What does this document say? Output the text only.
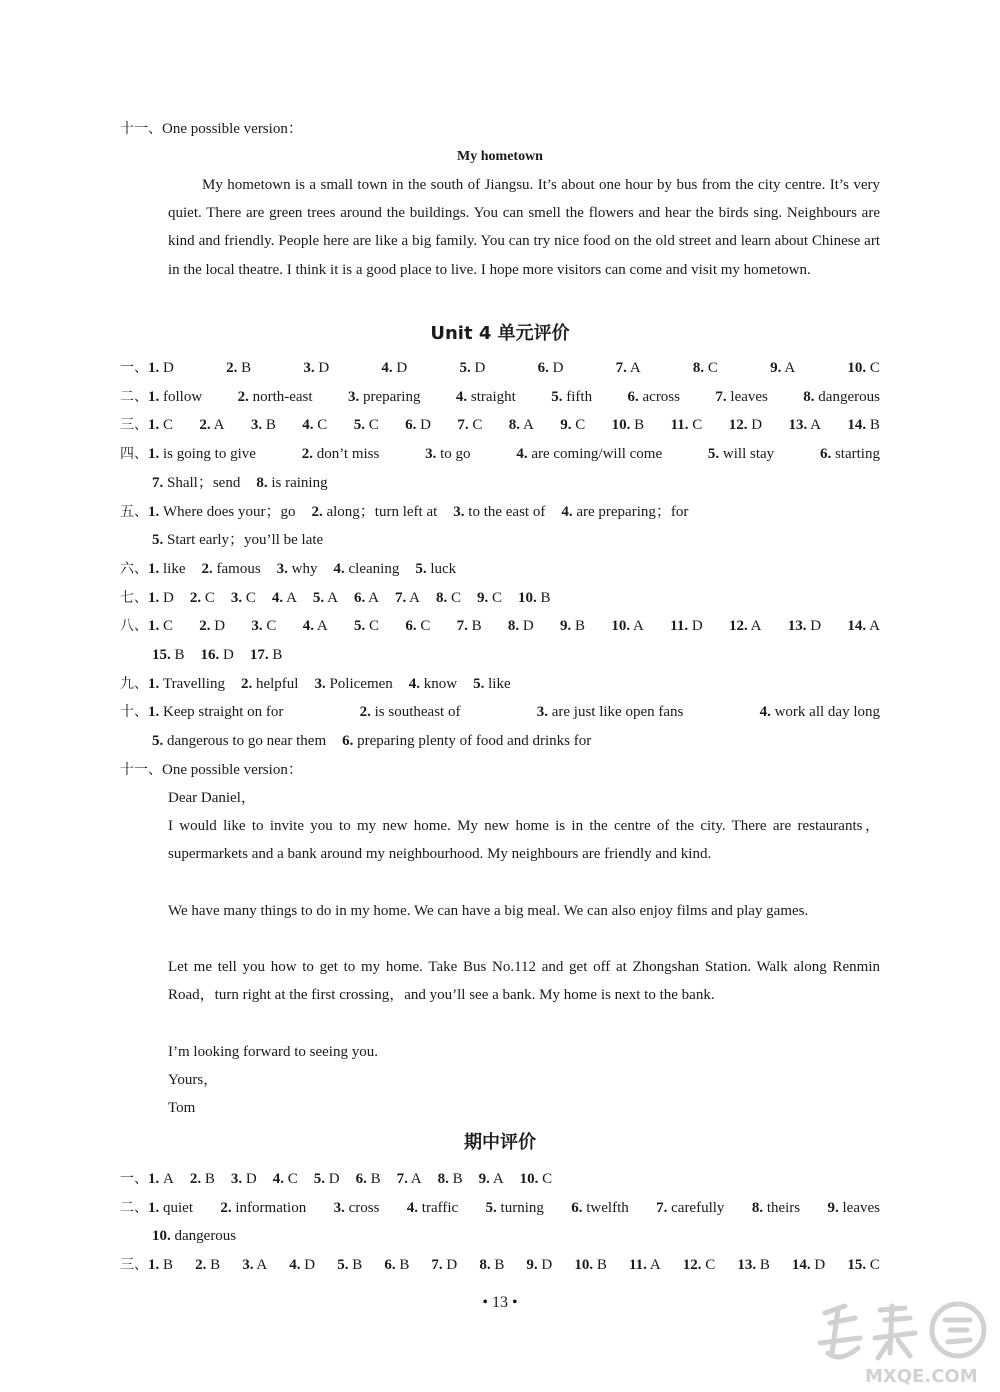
十一、One possible version：
My hometown
My hometown is a small town in the south of Jiangsu. It’s about one hour by bus from the city centre. It’s very quiet. There are green trees around the buildings. You can smell the flowers and hear the birds sing. Neighbours are kind and friendly. People here are like a big family. You can try nice food on the old street and learn about Chinese art in the local theatre. I think it is a good place to live. I hope more visitors can come and visit my hometown.
Unit 4 单元评价
一、1. D	2. B	3. D	4. D	5. D	6. D	7. A	8. C	9. A	10. C
二、1. follow 2. north-east 3. preparing 4. straight 5. fifth 6. across 7. leaves 8. dangerous
三、1. C 2. A 3. B 4. C 5. C 6. D 7. C 8. A 9. C 10. B 11. C 12. D 13. A 14. B
四、1. is going to give	2. don’t miss	3. to go	4. are coming/will come	5. will stay	6. starting
7. Shall；send 8. is raining
五、1. Where does your；go 2. along；turn left at 3. to the east of 4. are preparing；for
5. Start early；you’ll be late
六、1. like 2. famous 3. why 4. cleaning 5. luck
七、1. D 2. C 3. C 4. A 5. A 6. A 7. A 8. C 9. C 10. B
八、1. C 2. D 3. C 4. A 5. C 6. C 7. B 8. D 9. B 10. A 11. D 12. A 13. D 14. A
15. B 16. D 17. B
九、1. Travelling 2. helpful 3. Policemen 4. know 5. like
十、1. Keep straight on for	2. is southeast of	3. are just like open fans	4. work all day long
5. dangerous to go near them 6. preparing plenty of food and drinks for
十一、One possible version：
Dear Daniel，
I would like to invite you to my new home. My new home is in the centre of the city. There are restaurants，supermarkets and a bank around my neighbourhood. My neighbours are friendly and kind.
We have many things to do in my home. We can have a big meal. We can also enjoy films and play games.
Let me tell you how to get to my home. Take Bus No.112 and get off at Zhongshan Station. Walk along Renmin Road，turn right at the first crossing，and you’ll see a bank. My home is next to the bank.
I’m looking forward to seeing you.
Yours，
Tom
期中评价
一、1. A 2. B 3. D 4. C 5. D 6. B 7. A 8. B 9. A 10. C
二、1. quiet 2. information 3. cross 4. traffic 5. turning 6. twelfth 7. carefully 8. theirs 9. leaves
10. dangerous
三、1. B 2. B 3. A 4. D 5. B 6. B 7. D 8. B 9. D 10. B 11. A 12. C 13. B 14. D 15. C
• 13 •
MXQE.COM
